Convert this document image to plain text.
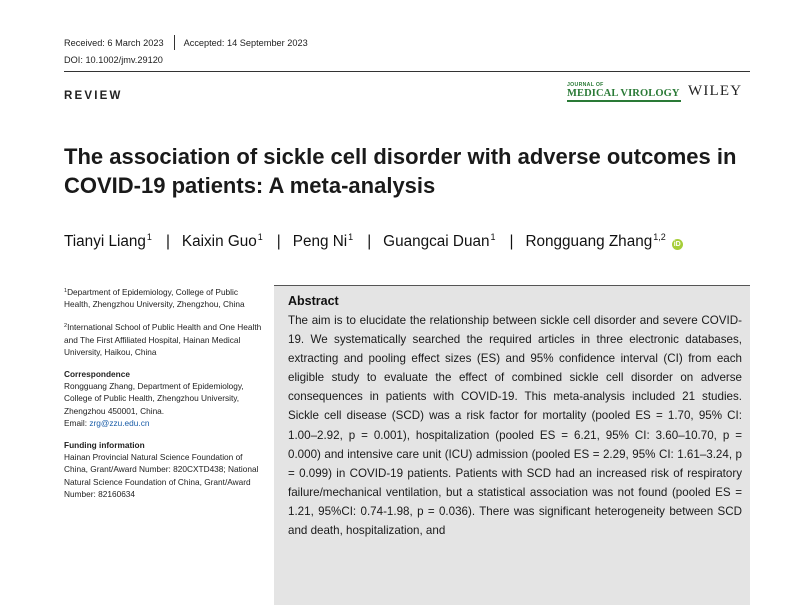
Received: 6 March 2023 Accepted: 14 September 2023
DOI: 10.1002/jmv.29120
REVIEW
JOURNAL OF
MEDICAL VIROLOGY WILEY
The association of sickle cell disorder with adverse outcomes in COVID-19 patients: A meta-analysis
Tianyi Liang$^1$ | Kaixin Guo$^1$ | Peng Ni$^1$ | Guangcai Duan$^1$ | Rongguang Zhang$^{1,2}$
iD

$^1$Department of Epidemiology, College of Public Health, Zhengzhou University, Zhengzhou, China

$^2$International School of Public Health and One Health and The First Affiliated Hospital, Hainan Medical University, Haikou, China

Correspondence

Rongguang Zhang, Department of Epidemiology, College of Public Health, Zhengzhou University, Zhengzhou 450001, China.

Email: zrg@zzu.edu.cn

Funding information

Hainan Provincial Natural Science Foundation of China, Grant/Award Number: 820CXTD438; National Natural Science Foundation of China, Grant/Award Number: 82160634

Abstract

The aim is to elucidate the relationship between sickle cell disorder and severe COVID-19. We systematically searched the required articles in three electronic databases, extracting and pooling effect sizes (ES) and 95% confidence interval (CI) from each eligible study to evaluate the effect of combined sickle cell disorder on adverse consequences in patients with COVID-19. This meta-analysis included 21 studies. Sickle cell disease (SCD) was a risk factor for mortality (pooled ES = 1.70, 95% CI: 1.00–2.92, p = 0.001), hospitalization (pooled ES = 6.21, 95% CI: 3.60–10.70, p = 0.000) and intensive care unit (ICU) admission (pooled ES = 2.29, 95% CI: 1.61–3.24, p = 0.099) in COVID-19 patients. Patients with SCD had an increased risk of respiratory failure/mechanical ventilation, but a statistical association was not found (pooled ES = 1.21, 95%CI: 0.74-1.98, p = 0.036). There was significant heterogeneity between SCD and death, hospitalization, and
